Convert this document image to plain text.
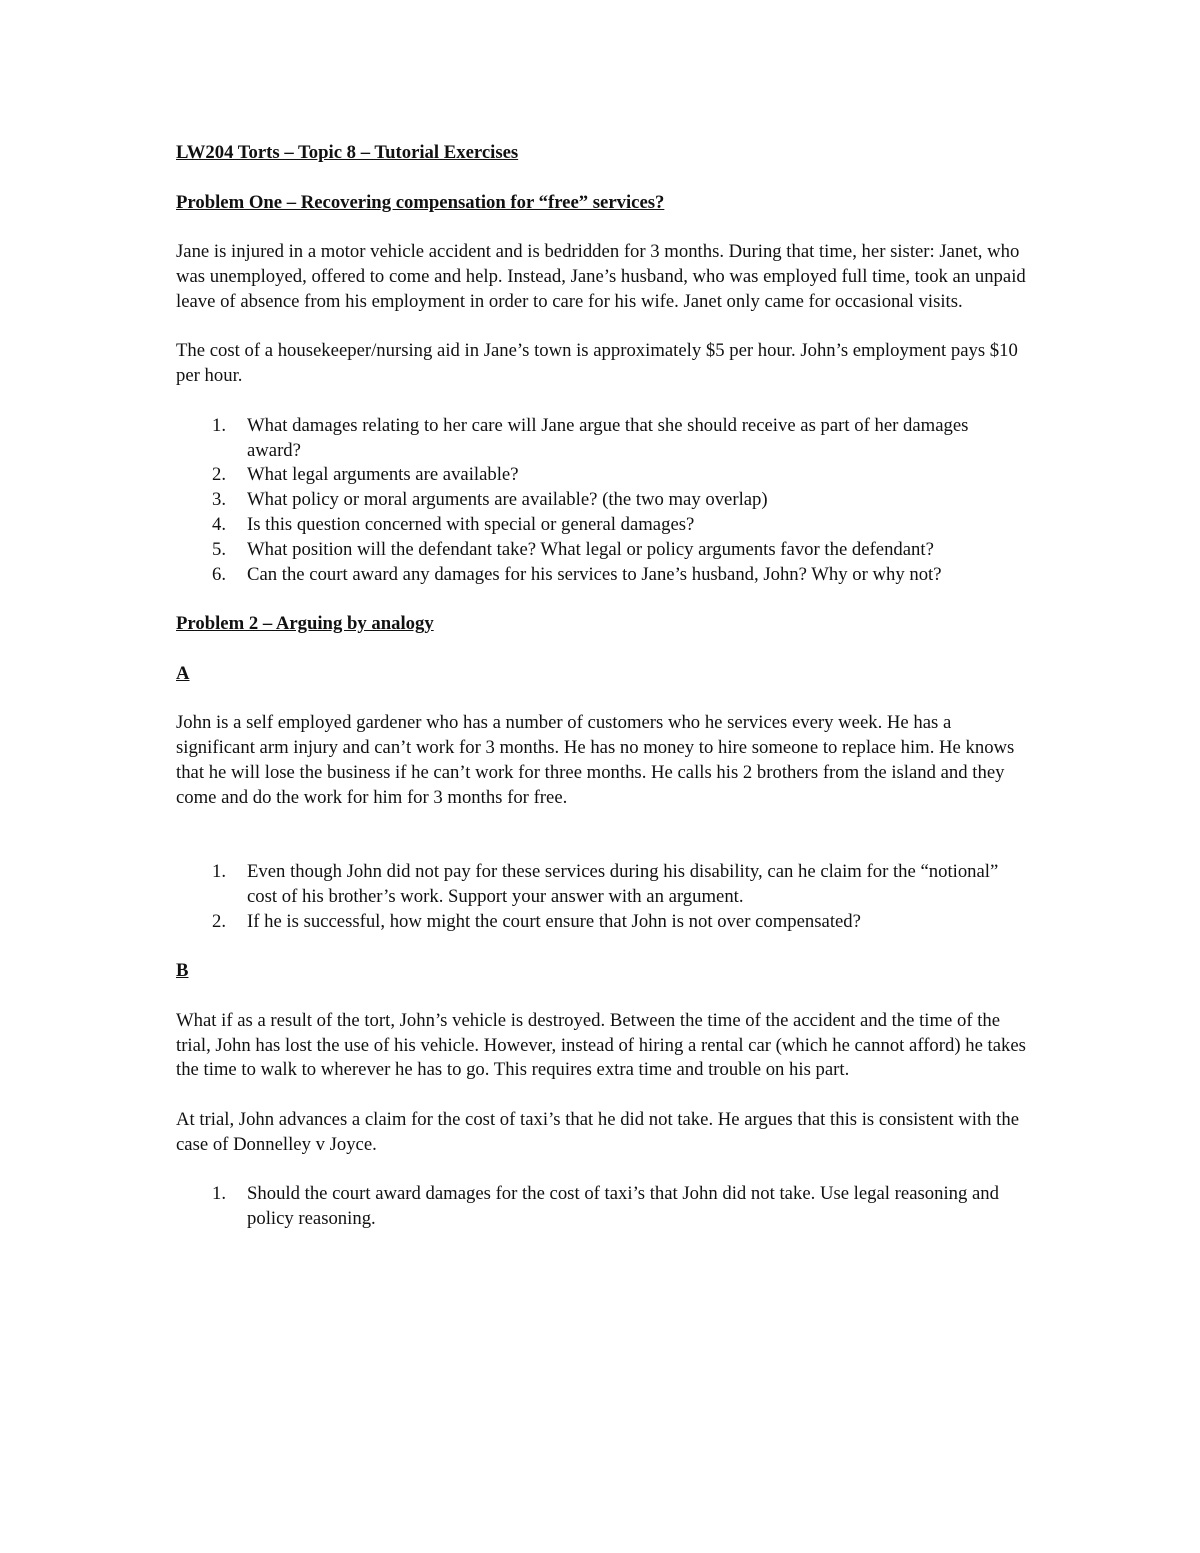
LW204 Torts – Topic 8 – Tutorial Exercises

Problem One – Recovering compensation for “free” services?

Jane is injured in a motor vehicle accident and is bedridden for 3 months. During that time, her sister: Janet, who was unemployed, offered to come and help. Instead, Jane’s husband, who was employed full time, took an unpaid leave of absence from his employment in order to care for his wife. Janet only came for occasional visits.

The cost of a housekeeper/nursing aid in Jane’s town is approximately $5 per hour. John’s employment pays $10 per hour.

1. What damages relating to her care will Jane argue that she should receive as part of her damages award?
2. What legal arguments are available?
3. What policy or moral arguments are available? (the two may overlap)
4. Is this question concerned with special or general damages?
5. What position will the defendant take? What legal or policy arguments favor the defendant?
6. Can the court award any damages for his services to Jane’s husband, John? Why or why not?

Problem 2 – Arguing by analogy

A

John is a self employed gardener who has a number of customers who he services every week. He has a significant arm injury and can’t work for 3 months. He has no money to hire someone to replace him. He knows that he will lose the business if he can’t work for three months. He calls his 2 brothers from the island and they come and do the work for him for 3 months for free.

1. Even though John did not pay for these services during his disability, can he claim for the “notional” cost of his brother’s work. Support your answer with an argument.
2. If he is successful, how might the court ensure that John is not over compensated?

B

What if as a result of the tort, John’s vehicle is destroyed. Between the time of the accident and the time of the trial, John has lost the use of his vehicle. However, instead of hiring a rental car (which he cannot afford) he takes the time to walk to wherever he has to go. This requires extra time and trouble on his part.

At trial, John advances a claim for the cost of taxi’s that he did not take. He argues that this is consistent with the case of Donnelley v Joyce.

1. Should the court award damages for the cost of taxi’s that John did not take. Use legal reasoning and policy reasoning.
